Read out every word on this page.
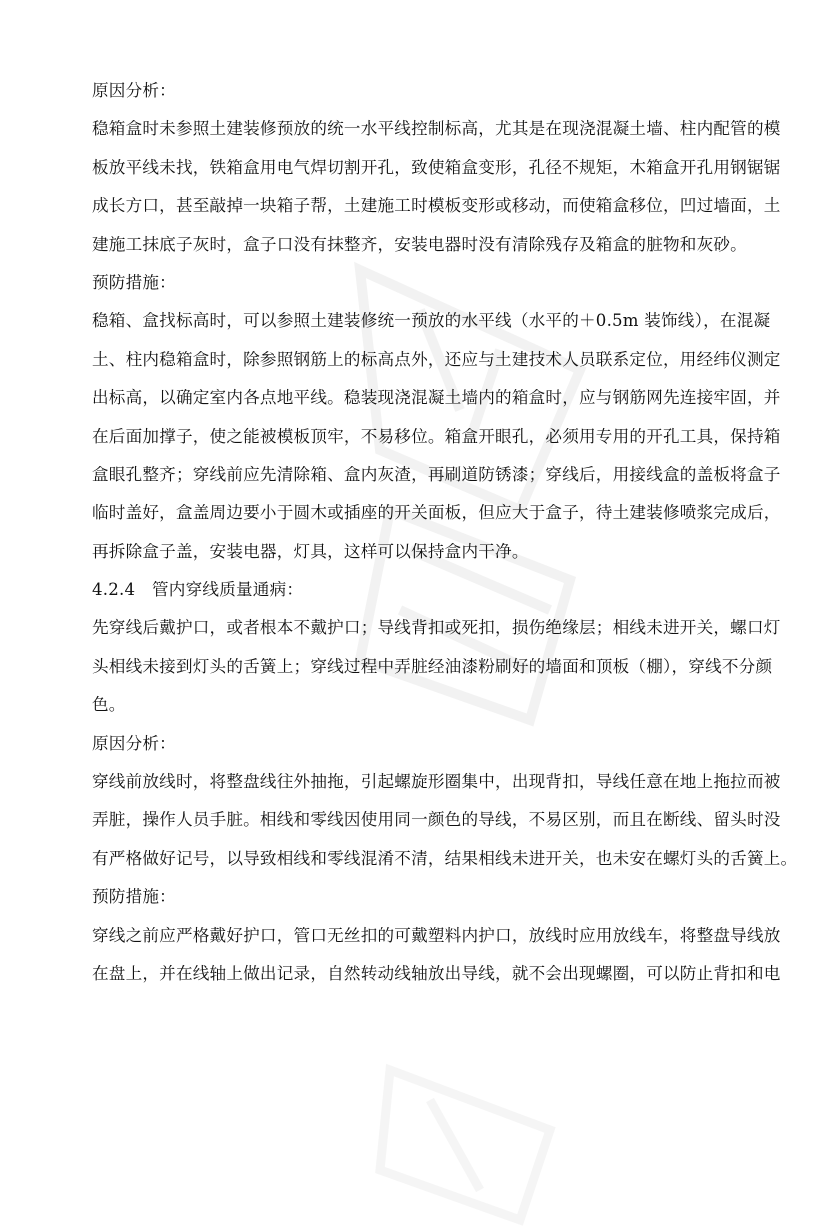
原因分析：
稳箱盒时未参照土建装修预放的统一水平线控制标高，尤其是在现浇混凝土墙、柱内配管的模
板放平线未找，铁箱盒用电气焊切割开孔，致使箱盒变形，孔径不规矩，木箱盒开孔用钢锯锯
成长方口，甚至敲掉一块箱子帮，土建施工时模板变形或移动，而使箱盒移位，凹过墙面，土
建施工抹底子灰时，盒子口没有抹整齐，安装电器时没有清除残存及箱盒的脏物和灰砂。
预防措施：
稳箱、盒找标高时，可以参照土建装修统一预放的水平线（水平的＋0.5m 装饰线），在混凝
土、柱内稳箱盒时，除参照钢筋上的标高点外，还应与土建技术人员联系定位，用经纬仪测定
出标高，以确定室内各点地平线。稳装现浇混凝土墙内的箱盒时，应与钢筋网先连接牢固，并
在后面加撑子，使之能被模板顶牢，不易移位。箱盒开眼孔，必须用专用的开孔工具，保持箱
盒眼孔整齐；穿线前应先清除箱、盒内灰渣，再刷道防锈漆；穿线后，用接线盒的盖板将盒子
临时盖好，盒盖周边要小于圆木或插座的开关面板，但应大于盒子，待土建装修喷浆完成后，
再拆除盒子盖，安装电器，灯具，这样可以保持盒内干净。
4.2.4　管内穿线质量通病：
先穿线后戴护口，或者根本不戴护口；导线背扣或死扣，损伤绝缘层；相线未进开关，螺口灯
头相线未接到灯头的舌簧上；穿线过程中弄脏经油漆粉刷好的墙面和顶板（棚），穿线不分颜
色。
原因分析：
穿线前放线时，将整盘线往外抽拖，引起螺旋形圈集中，出现背扣，导线任意在地上拖拉而被
弄脏，操作人员手脏。相线和零线因使用同一颜色的导线，不易区别，而且在断线、留头时没
有严格做好记号，以导致相线和零线混淆不清，结果相线未进开关，也未安在螺灯头的舌簧上。
预防措施：
穿线之前应严格戴好护口，管口无丝扣的可戴塑料内护口，放线时应用放线车，将整盘导线放
在盘上，并在线轴上做出记录，自然转动线轴放出导线，就不会出现螺圈，可以防止背扣和电
